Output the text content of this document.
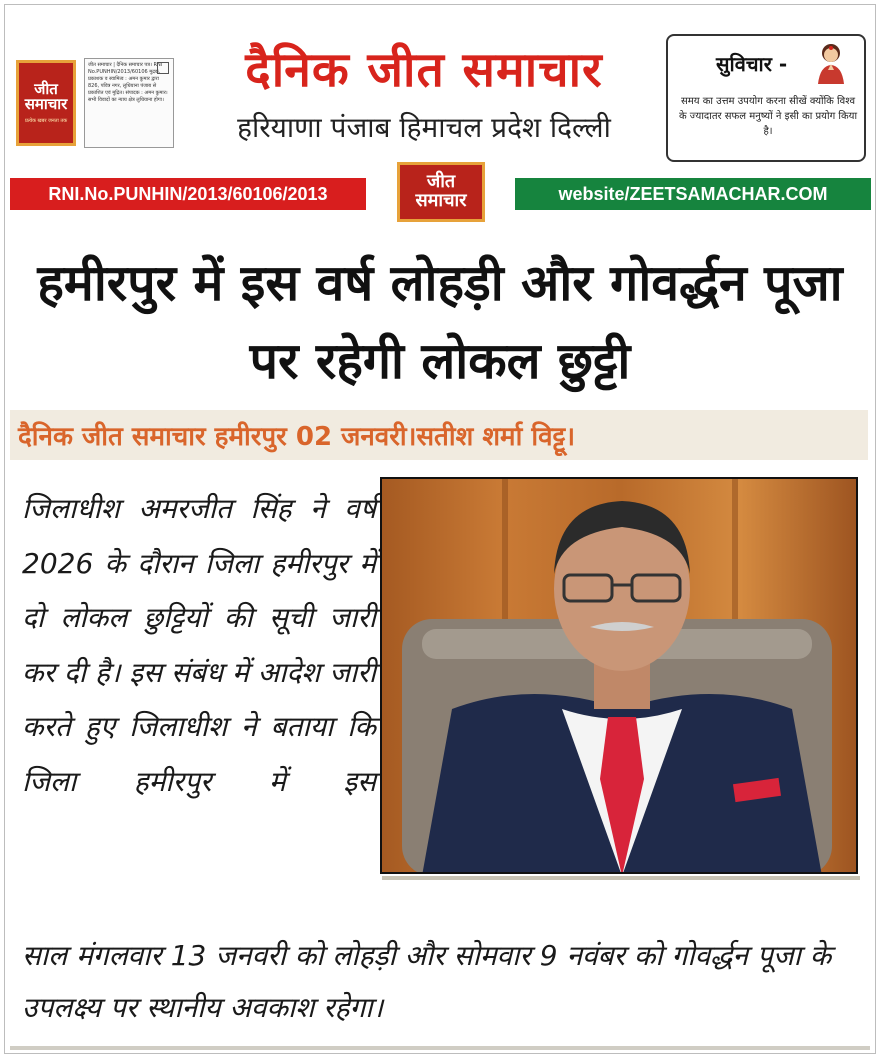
जीत समाचार
प्रत्येक खबर जनता तक
जीत समाचार | दैनिक समाचार पत्र। RNI No.PUNHIN/2013/60106 मुद्रक, प्रकाशक व स्वामित्व : अमन कुमार द्वारा 826, पवित्र नगर, लुधियाना पंजाब से प्रकाशित एवं मुद्रित। संपादक : अमन कुमार। सभी विवादों का न्याय क्षेत्र लुधियाना होगा।
दैनिक जीत समाचार
हरियाणा पंजाब हिमाचल प्रदेश दिल्ली
सुविचार -
समय का उत्तम उपयोग करना सीखें क्योंकि विश्व के ज्यादातर सफल मनुष्यों ने इसी का प्रयोग किया है।
RNI.No.PUNHIN/2013/60106/2013
जीत समाचार	website/ZEETSAMACHAR.COM
हमीरपुर में इस वर्ष लोहड़ी और गोवर्द्धन पूजा पर रहेगी लोकल छुट्टी
दैनिक जीत समाचार हमीरपुर 02 जनवरी।सतीश शर्मा विट्टू।

जिलाधीश अमरजीत सिंह ने वर्ष 2026 के दौरान जिला हमीरपुर में दो लोकल छुट्टियों की सूची जारी कर दी है। इस संबंध में आदेश जारी करते हुए जिलाधीश ने बताया कि जिला हमीरपुर में इस

साल मंगलवार 13 जनवरी को लोहड़ी और सोमवार 9 नवंबर को गोवर्द्धन पूजा के उपलक्ष्य पर स्थानीय अवकाश रहेगा।
